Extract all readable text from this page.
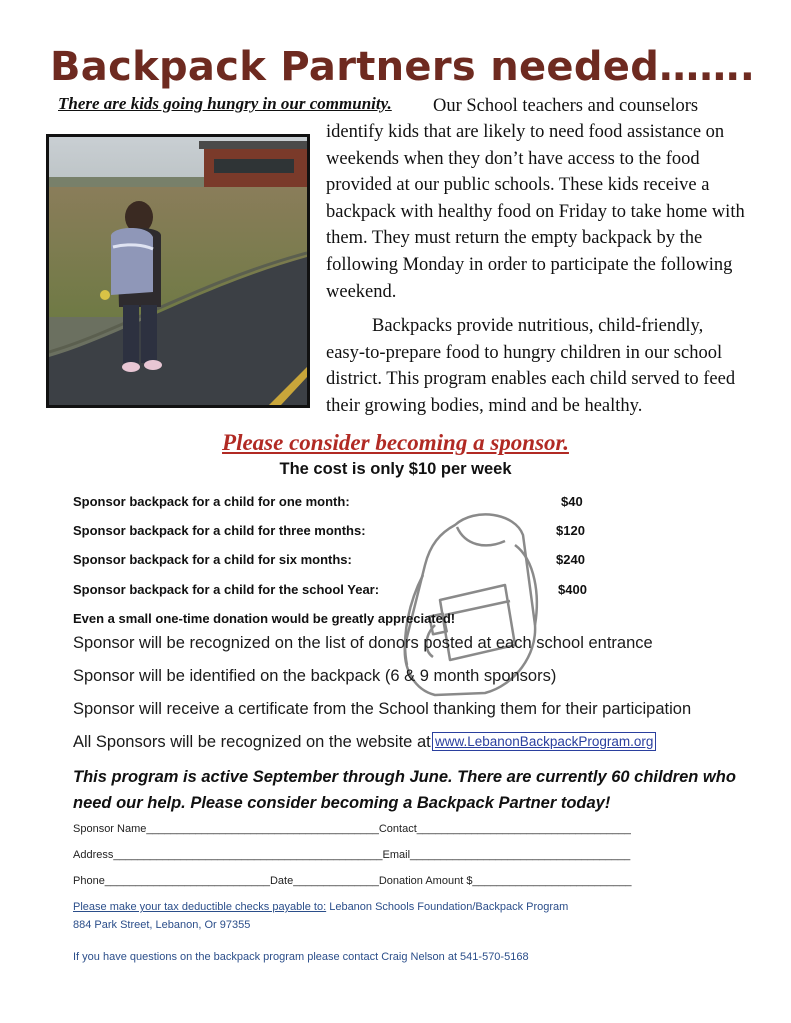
Backpack Partners needed…….
There are kids going hungry in our community. Our School teachers and counselors
identify kids that are likely to need food assistance on weekends when they don’t have access to the food provided at our public schools. These kids receive a backpack with healthy food on Friday to take home with them. They must return the empty backpack by the following Monday in order to participate the following weekend.
Backpacks provide nutritious, child-friendly, easy-to-prepare food to hungry children in our school district. This program enables each child served to feed their growing bodies, mind and be healthy.
Please consider becoming a sponsor.
The cost is only $10 per week
Sponsor backpack for a child for one month:	$40
Sponsor backpack for a child for three months:	$120
Sponsor backpack for a child for six months:	$240
Sponsor backpack for a child for the school Year:	$400
Even a small one-time donation would be greatly appreciated!
Sponsor will be recognized on the list of donors posted at each school entrance
Sponsor will be identified on the backpack (6 & 9 month sponsors)
Sponsor will receive a certificate from the School thanking them for their participation
All Sponsors will be recognized on the website at www.LebanonBackpackProgram.org
This program is active September through June. There are currently 60 children who need our help. Please consider becoming a Backpack Partner today!
Sponsor Name______________________________________Contact___________________________________
Address____________________________________________Email____________________________________
Phone___________________________Date______________Donation Amount $__________________________
Please make your tax deductible checks payable to: Lebanon Schools Foundation/Backpack Program
884 Park Street, Lebanon, Or 97355
If you have questions on the backpack program please contact Craig Nelson at 541-570-5168
